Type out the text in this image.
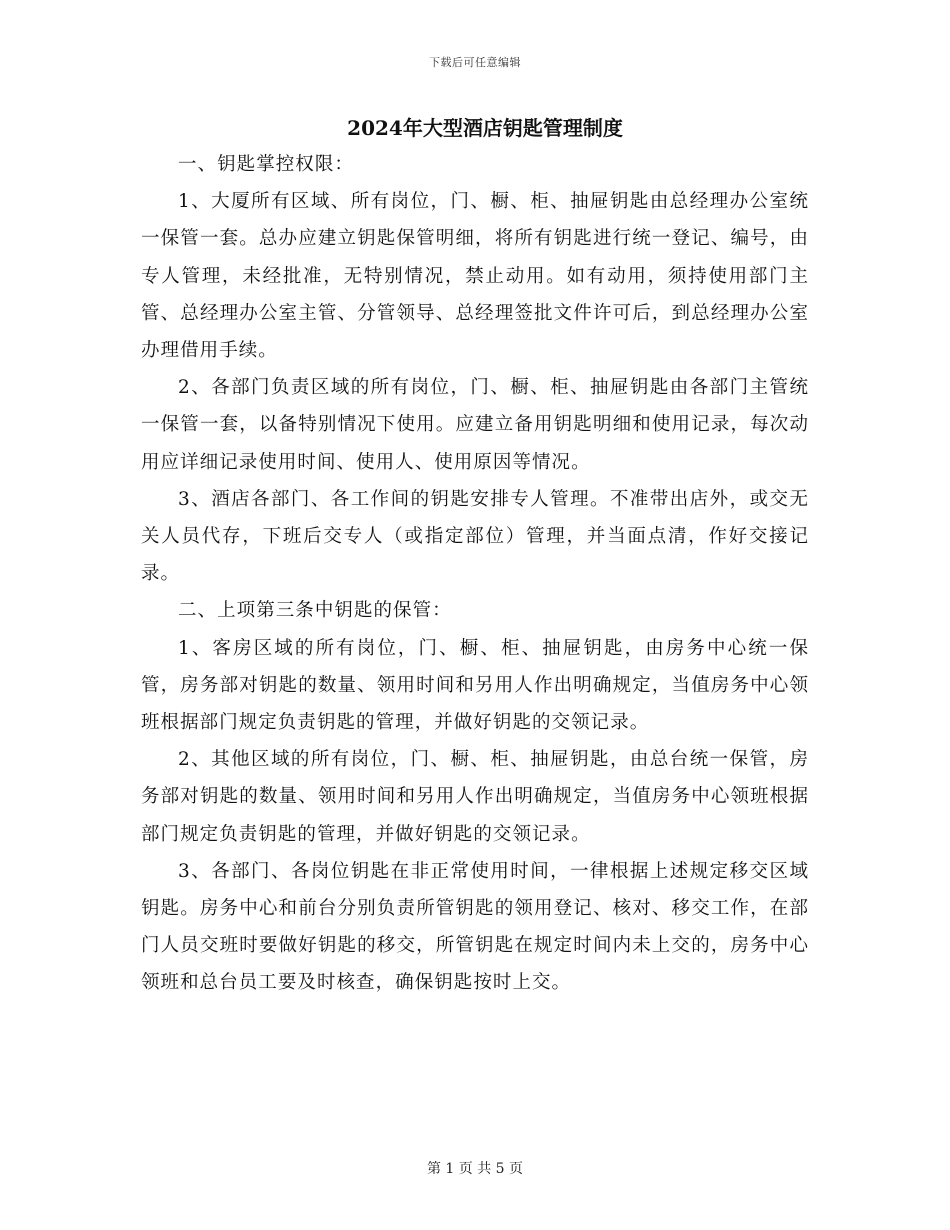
下载后可任意编辑
2024年大型酒店钥匙管理制度

一、钥匙掌控权限：

1、大厦所有区域、所有岗位，门、橱、柜、抽屉钥匙由总经理办公室统一保管一套。总办应建立钥匙保管明细，将所有钥匙进行统一登记、编号，由专人管理，未经批准，无特别情况，禁止动用。如有动用，须持使用部门主管、总经理办公室主管、分管领导、总经理签批文件许可后，到总经理办公室办理借用手续。

2、各部门负责区域的所有岗位，门、橱、柜、抽屉钥匙由各部门主管统一保管一套，以备特别情况下使用。应建立备用钥匙明细和使用记录，每次动用应详细记录使用时间、使用人、使用原因等情况。

3、酒店各部门、各工作间的钥匙安排专人管理。不准带出店外，或交无关人员代存，下班后交专人（或指定部位）管理，并当面点清，作好交接记录。

二、上项第三条中钥匙的保管：

1、客房区域的所有岗位，门、橱、柜、抽屉钥匙，由房务中心统一保管，房务部对钥匙的数量、领用时间和另用人作出明确规定，当值房务中心领班根据部门规定负责钥匙的管理，并做好钥匙的交领记录。

2、其他区域的所有岗位，门、橱、柜、抽屉钥匙，由总台统一保管，房务部对钥匙的数量、领用时间和另用人作出明确规定，当值房务中心领班根据部门规定负责钥匙的管理，并做好钥匙的交领记录。

3、各部门、各岗位钥匙在非正常使用时间，一律根据上述规定移交区域钥匙。房务中心和前台分别负责所管钥匙的领用登记、核对、移交工作，在部门人员交班时要做好钥匙的移交，所管钥匙在规定时间内未上交的，房务中心领班和总台员工要及时核查，确保钥匙按时上交。

第 1 页 共 5 页
